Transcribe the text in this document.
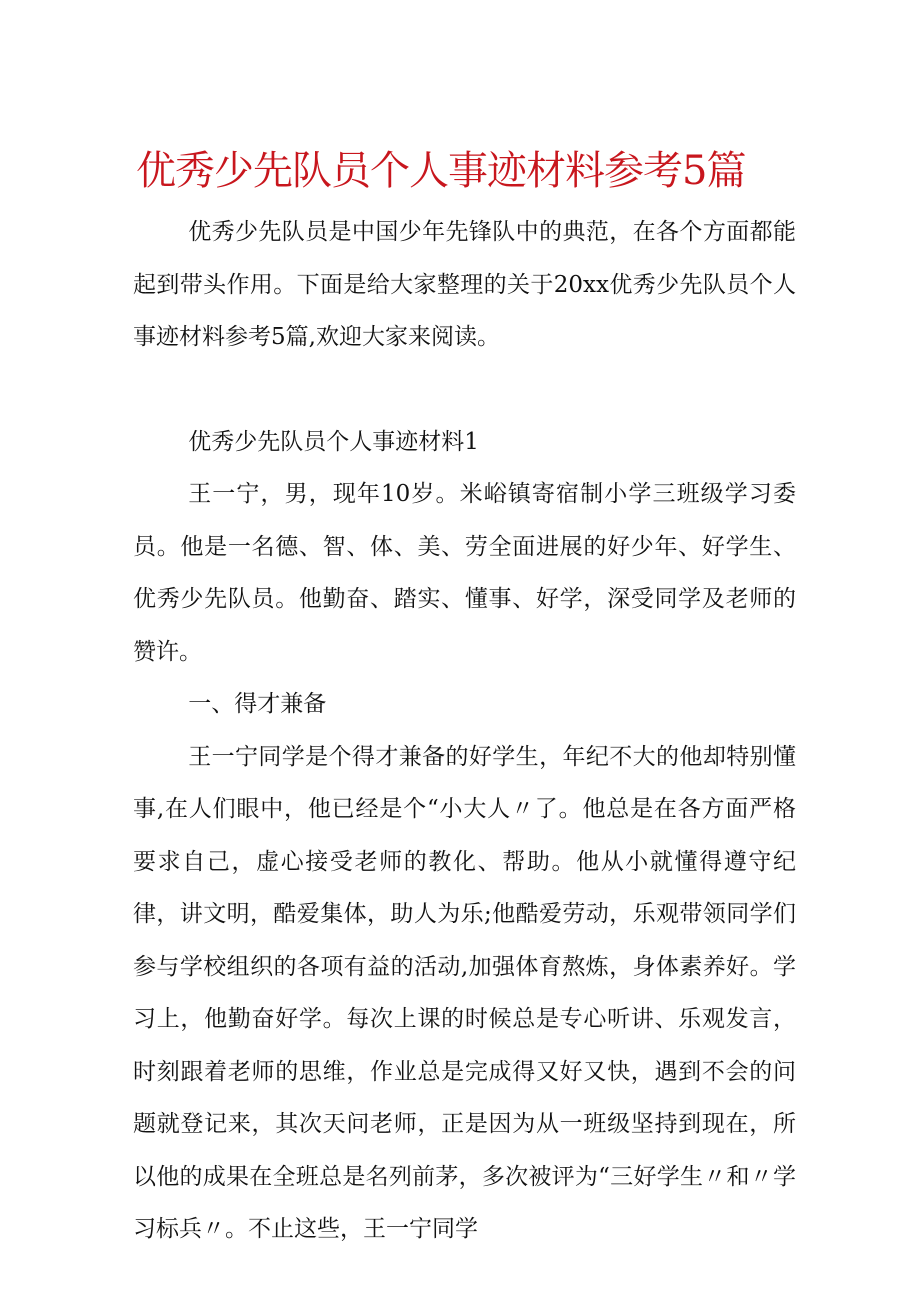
优秀少先队员个人事迹材料参考5篇

优秀少先队员是中国少年先锋队中的典范，在各个方面都能起到带头作用。下面是给大家整理的关于20xx优秀少先队员个人事迹材料参考5篇,欢迎大家来阅读。

优秀少先队员个人事迹材料1

王一宁，男，现年10岁。米峪镇寄宿制小学三班级学习委员。他是一名德、智、体、美、劳全面进展的好少年、好学生、优秀少先队员。他勤奋、踏实、懂事、好学，深受同学及老师的赞许。

一、得才兼备

王一宁同学是个得才兼备的好学生，年纪不大的他却特别懂事,在人们眼中，他已经是个“小大人〃了。他总是在各方面严格要求自己，虚心接受老师的教化、帮助。他从小就懂得遵守纪律，讲文明，酷爱集体，助人为乐;他酷爱劳动，乐观带领同学们参与学校组织的各项有益的活动,加强体育熬炼，身体素养好。学习上，他勤奋好学。每次上课的时候总是专心听讲、乐观发言，时刻跟着老师的思维，作业总是完成得又好又快，遇到不会的问题就登记来，其次天问老师，正是因为从一班级坚持到现在，所以他的成果在全班总是名列前茅，多次被评为“三好学生〃和〃学习标兵〃。不止这些，王一宁同学
